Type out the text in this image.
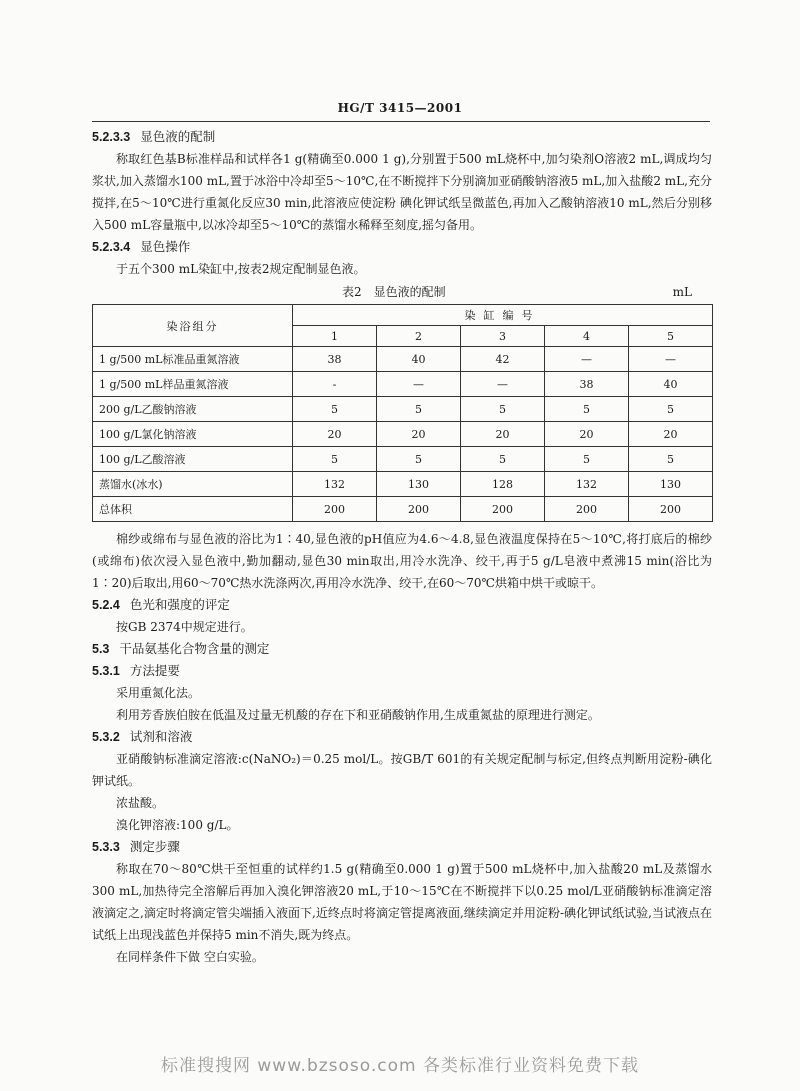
HG/T 3415—2001
5.2.3.3 显色液的配制
称取红色基B标准样品和试样各1 g(精确至0.000 1 g),分别置于500 mL烧杯中,加匀染剂O溶液2 mL,调成均匀浆状,加入蒸馏水100 mL,置于冰浴中冷却至5～10℃,在不断搅拌下分别滴加亚硝酸钠溶液5 mL,加入盐酸2 mL,充分搅拌,在5～10℃进行重氮化反应30 min,此溶液应使淀粉 碘化钾试纸呈微蓝色,再加入乙酸钠溶液10 mL,然后分别移入500 mL容量瓶中,以冰冷却至5～10℃的蒸馏水稀释至刻度,摇匀备用。
5.2.3.4 显色操作
于五个300 mL染缸中,按表2规定配制显色液。
表2　显色液的配制	mL
染浴组分	染缸编号				
	1	2	3	4	5
1 g/500 mL标准品重氮溶液	38	40	42	—	—
1 g/500 mL样品重氮溶液	-	—	—	38	40
200 g/L乙酸钠溶液	5	5	5	5	5
100 g/L氯化钠溶液	20	20	20	20	20
100 g/L乙酸溶液	5	5	5	5	5
蒸馏水(冰水)	132	130	128	132	130
总体积	200	200	200	200	200
棉纱或绵布与显色液的浴比为1∶40,显色液的pH值应为4.6～4.8,显色液温度保持在5～10℃,将打底后的棉纱(或绵布)依次浸入显色液中,勤加翻动,显色30 min取出,用冷水洗净、绞干,再于5 g/L皂液中煮沸15 min(浴比为1∶20)后取出,用60～70℃热水洗涤两次,再用冷水洗净、绞干,在60～70℃烘箱中烘干或晾干。
5.2.4 色光和强度的评定
按GB 2374中规定进行。
5.3 干品氨基化合物含量的测定
5.3.1 方法提要
采用重氮化法。
利用芳香族伯胺在低温及过量无机酸的存在下和亚硝酸钠作用,生成重氮盐的原理进行测定。
5.3.2 试剂和溶液
亚硝酸钠标准滴定溶液:c(NaNO₂)＝0.25 mol/L。按GB/T 601的有关规定配制与标定,但终点判断用淀粉-碘化钾试纸。
浓盐酸。
溴化钾溶液:100 g/L。
5.3.3 测定步骤
称取在70～80℃烘干至恒重的试样约1.5 g(精确至0.000 1 g)置于500 mL烧杯中,加入盐酸20 mL及蒸馏水300 mL,加热待完全溶解后再加入溴化钾溶液20 mL,于10～15℃在不断搅拌下以0.25 mol/L亚硝酸钠标准滴定溶液滴定之,滴定时将滴定管尖端插入液面下,近终点时将滴定管提离液面,继续滴定并用淀粉-碘化钾试纸试验,当试液点在试纸上出现浅蓝色并保持5 min不消失,既为终点。
在同样条件下做 空白实验。
标准搜搜网 www.bzsoso.com 各类标准行业资料免费下载
